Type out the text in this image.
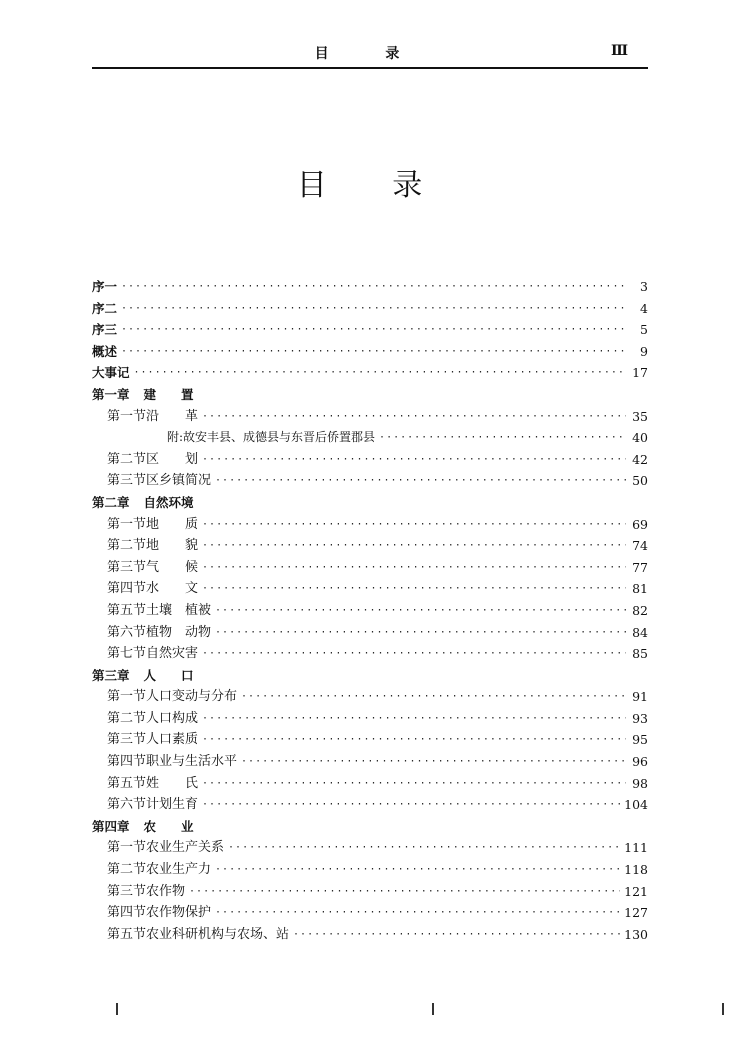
目 录	Ⅲ
目 录
序一 ·····	3
序二 ·····	4
序三 ·····	5
概述 ·····	9
大事记 ·····	17
第一章 建　　置
第一节 沿　　革 ·····	35
附:故安丰县、成德县与东晋后侨置郡县 ·····	40
第二节 区　　划 ·····	42
第三节 区乡镇简况 ·····	50
第二章 自然环境
第一节 地　　质 ·····	69
第二节 地　　貌 ·····	74
第三节 气　　候 ·····	77
第四节 水　　文 ·····	81
第五节 土壤　植被 ·····	82
第六节 植物　动物 ·····	84
第七节 自然灾害 ·····	85
第三章 人　　口
第一节 人口变动与分布 ·····	91
第二节 人口构成 ·····	93
第三节 人口素质 ·····	95
第四节 职业与生活水平 ·····	96
第五节 姓　　氏 ·····	98
第六节 计划生育 ·····	104
第四章 农　　业
第一节 农业生产关系 ·····	111
第二节 农业生产力 ·····	118
第三节 农作物 ·····	121
第四节 农作物保护 ·····	127
第五节 农业科研机构与农场、站 ·····	130
